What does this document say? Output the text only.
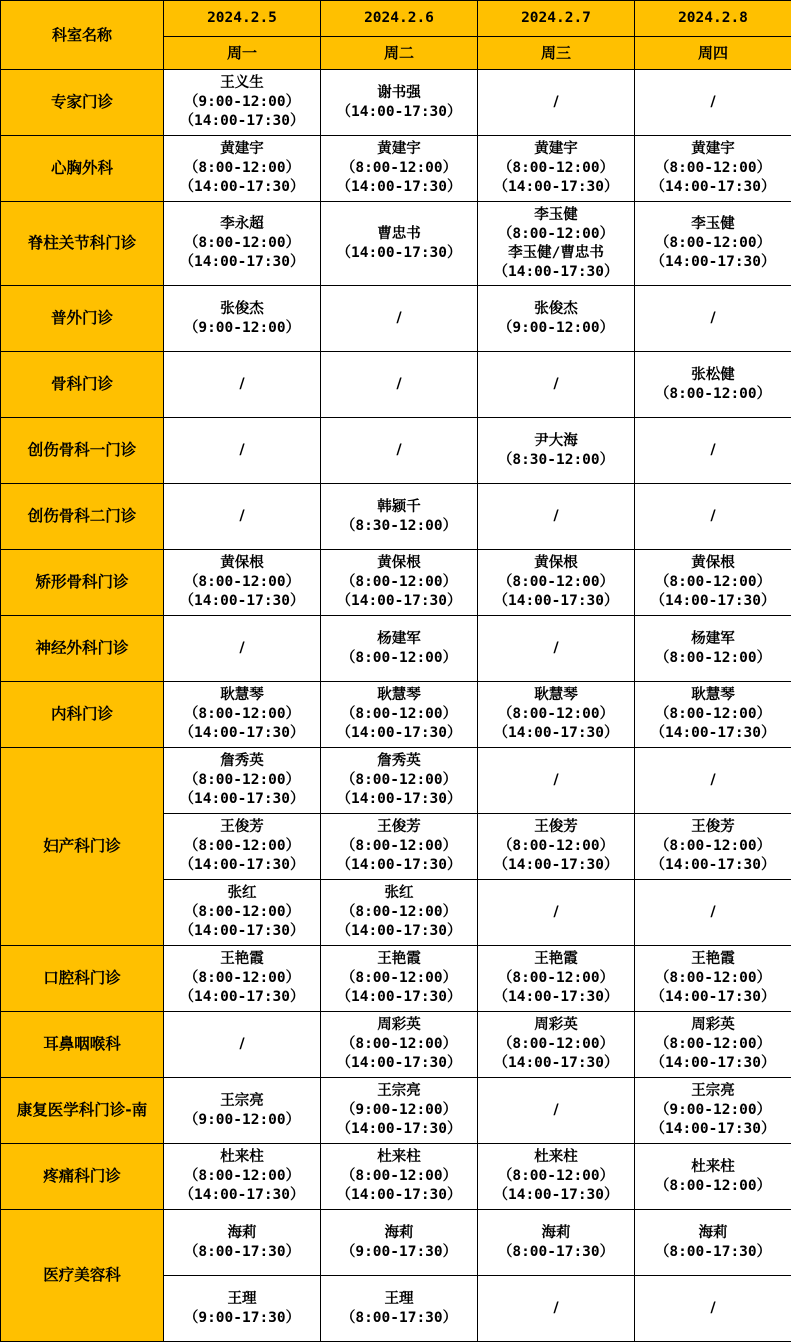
科室名称	2024.2.5	2024.2.6	2024.2.7	2024.2.8
	周一	周二	周三	周四
专家门诊	王义生
（9:00-12:00）
（14:00-17:30）	谢书强
（14:00-17:30）	/	/

心胸外科	黄建宇
（8:00-12:00）
（14:00-17:30）	黄建宇
（8:00-12:00）
（14:00-17:30）	黄建宇
（8:00-12:00）
（14:00-17:30）	黄建宇
（8:00-12:00）
（14:00-17:30）

脊柱关节科门诊	李永超
（8:00-12:00）
（14:00-17:30）	曹忠书
（14:00-17:30）	李玉健
（8:00-12:00）
李玉健/曹忠书
（14:00-17:30）	李玉健
（8:00-12:00）
（14:00-17:30）

普外门诊	张俊杰
（9:00-12:00）	/	张俊杰
（9:00-12:00）	/

骨科门诊	/	/	/	张松健
（8:00-12:00）

创伤骨科一门诊	/	/	尹大海
（8:30-12:00）	/

创伤骨科二门诊	/	韩颍千
（8:30-12:00）	/	/

矫形骨科门诊	黄保根
（8:00-12:00）
（14:00-17:30）	黄保根
（8:00-12:00）
（14:00-17:30）	黄保根
（8:00-12:00）
（14:00-17:30）	黄保根
（8:00-12:00）
（14:00-17:30）

神经外科门诊	/	杨建军
（8:00-12:00）	/	杨建军
（8:00-12:00）

内科门诊	耿慧琴
（8:00-12:00）
（14:00-17:30）	耿慧琴
（8:00-12:00）
（14:00-17:30）	耿慧琴
（8:00-12:00）
（14:00-17:30）	耿慧琴
（8:00-12:00）
（14:00-17:30）

妇产科门诊	詹秀英
（8:00-12:00）
（14:00-17:30）	詹秀英
（8:00-12:00）
（14:00-17:30）	/	/

	王俊芳
（8:00-12:00）
（14:00-17:30）	王俊芳
（8:00-12:00）
（14:00-17:30）	王俊芳
（8:00-12:00）
（14:00-17:30）	王俊芳
（8:00-12:00）
（14:00-17:30）

	张红
（8:00-12:00）
（14:00-17:30）	张红
（8:00-12:00）
（14:00-17:30）	/	/

口腔科门诊	王艳霞
（8:00-12:00）
（14:00-17:30）	王艳霞
（8:00-12:00）
（14:00-17:30）	王艳霞
（8:00-12:00）
（14:00-17:30）	王艳霞
（8:00-12:00）
（14:00-17:30）

耳鼻咽喉科	/	周彩英
（8:00-12:00）
（14:00-17:30）	周彩英
（8:00-12:00）
（14:00-17:30）	周彩英
（8:00-12:00）
（14:00-17:30）

康复医学科门诊-南	王宗亮
（9:00-12:00）	王宗亮
（9:00-12:00）
（14:00-17:30）	/	王宗亮
（9:00-12:00）
（14:00-17:30）

疼痛科门诊	杜来柱
（8:00-12:00）
（14:00-17:30）	杜来柱
（8:00-12:00）
（14:00-17:30）	杜来柱
（8:00-12:00）
（14:00-17:30）	杜来柱
（8:00-12:00）

医疗美容科	海莉
（8:00-17:30）	海莉
（9:00-17:30）	海莉
（8:00-17:30）	海莉
（8:00-17:30）

	王理
（9:00-17:30）	王理
（8:00-17:30）	/	/
